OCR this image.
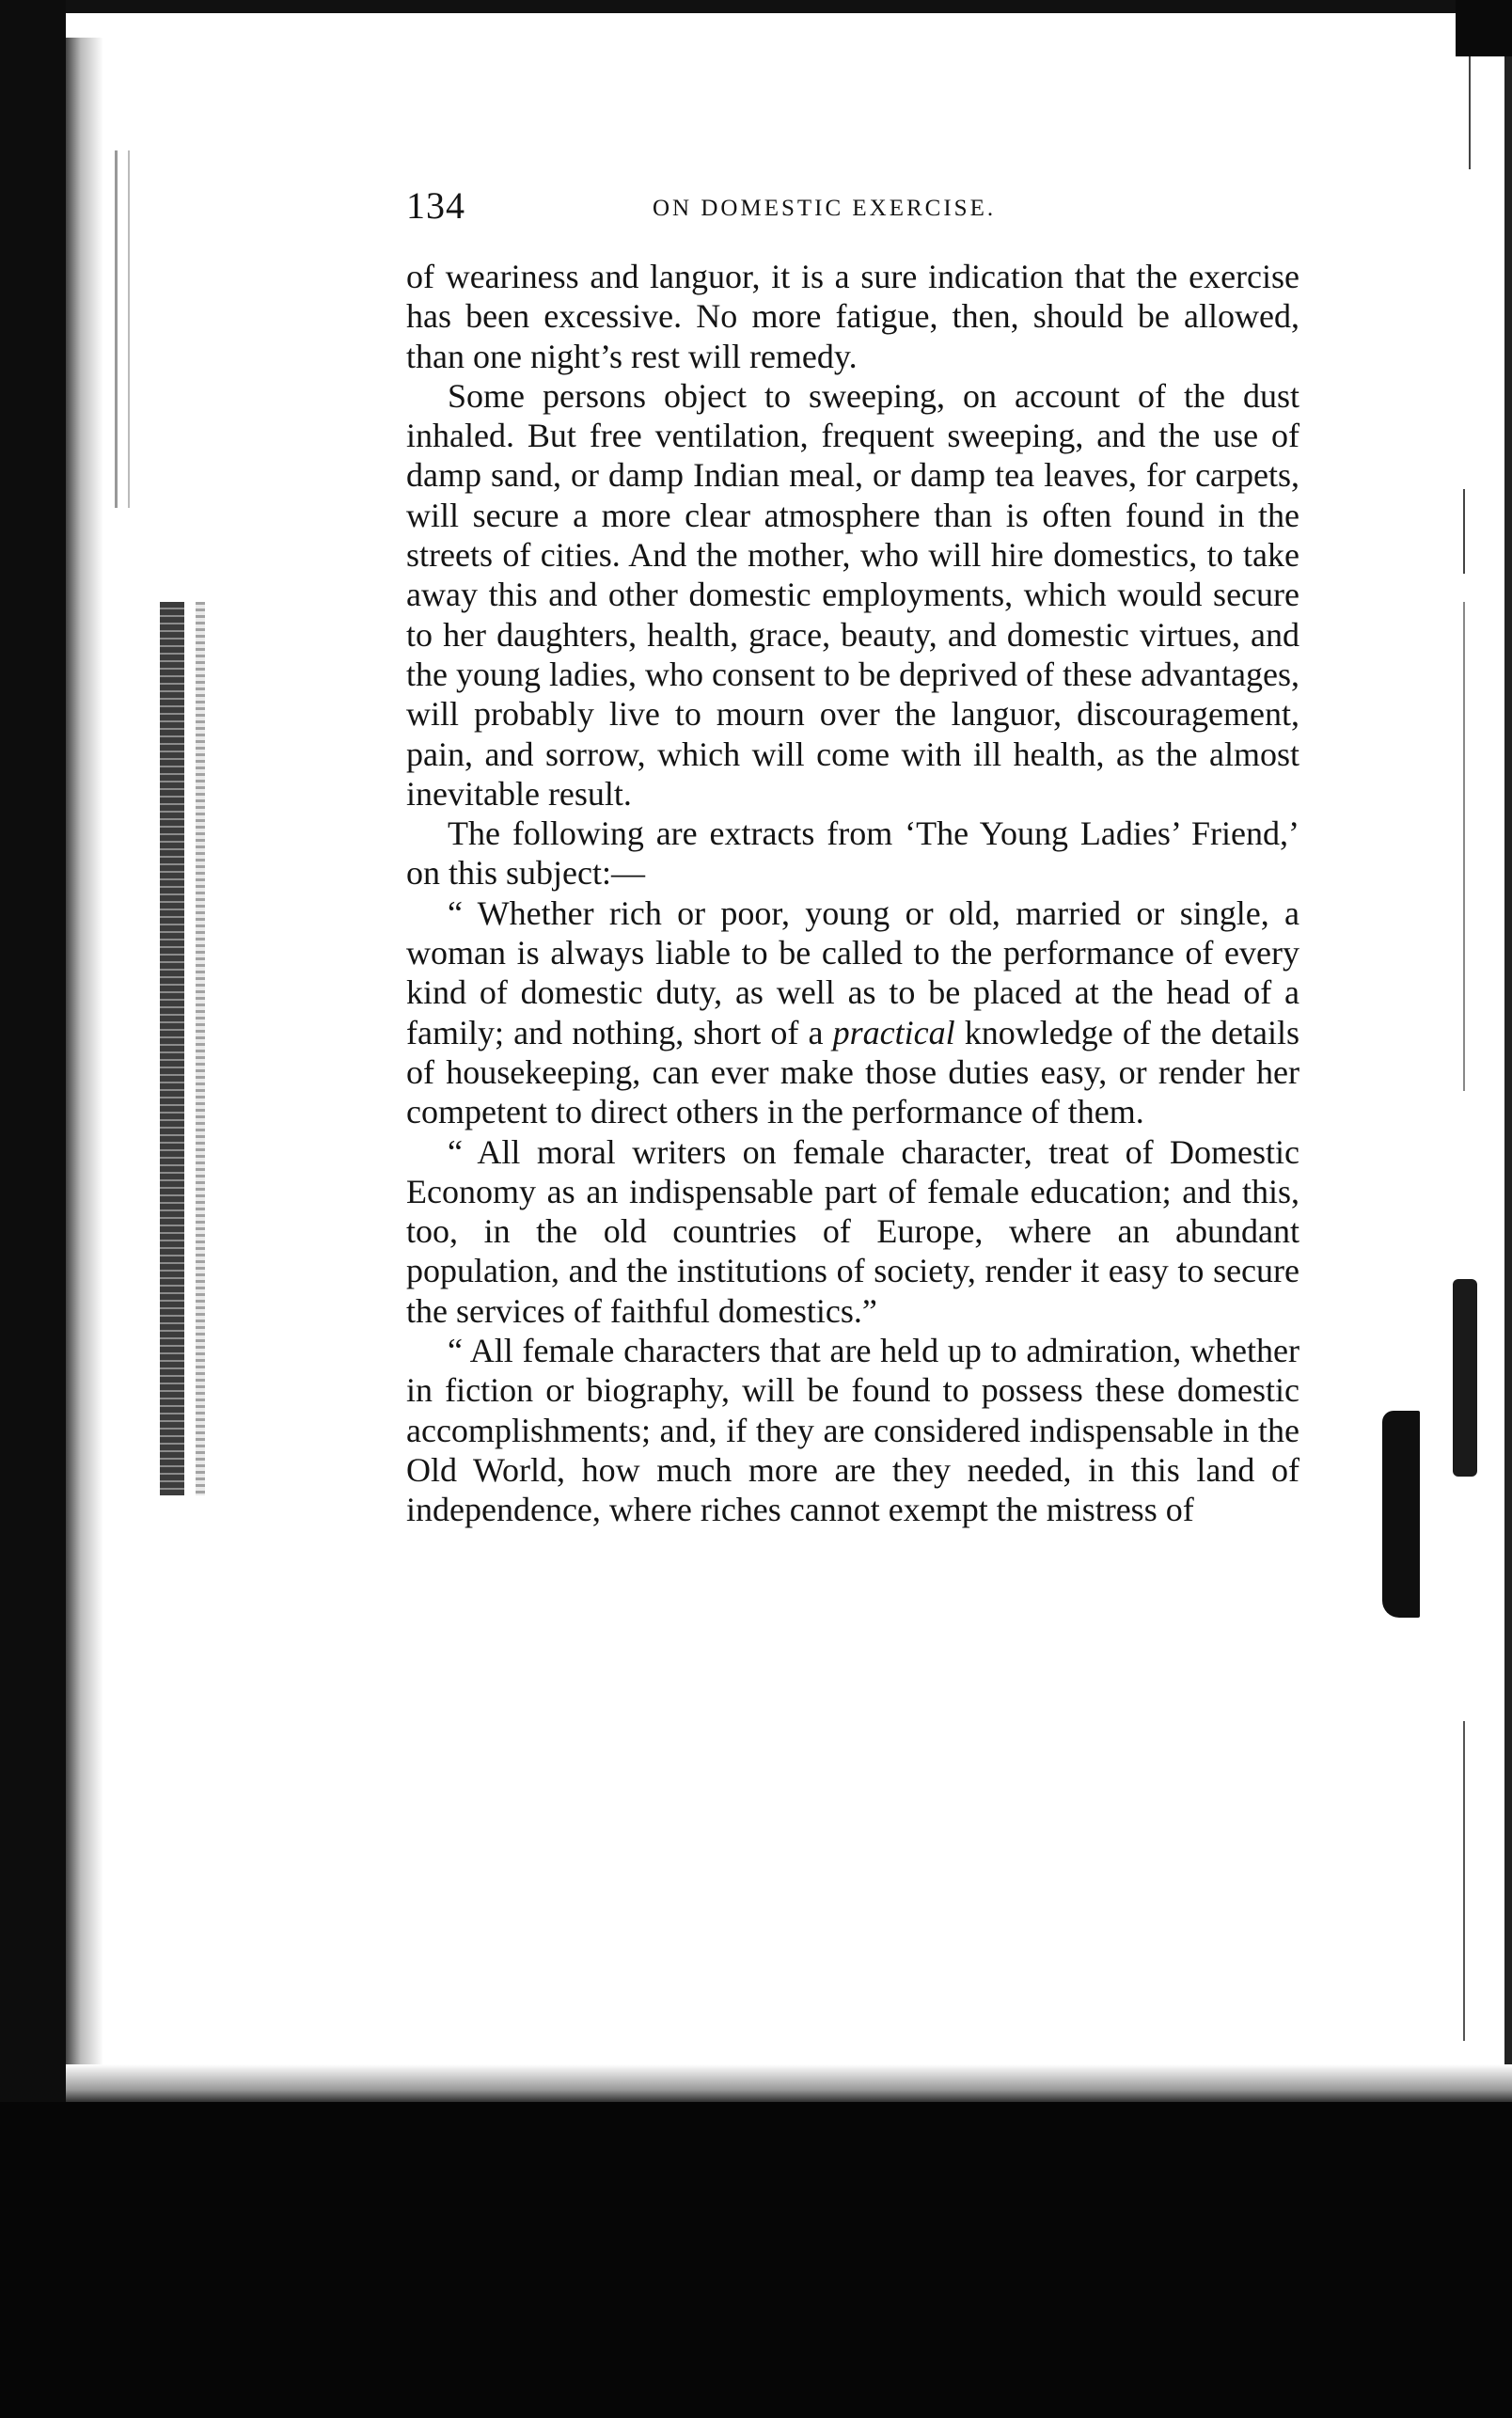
134	ON DOMESTIC EXERCISE.

of weariness and languor, it is a sure indication that the exercise has been excessive. No more fatigue, then, should be allowed, than one night’s rest will remedy.

Some persons object to sweeping, on account of the dust inhaled. But free ventilation, frequent sweeping, and the use of damp sand, or damp Indian meal, or damp tea leaves, for carpets, will secure a more clear atmosphere than is often found in the streets of cities. And the mother, who will hire domestics, to take away this and other domestic employments, which would secure to her daughters, health, grace, beauty, and domestic virtues, and the young ladies, who consent to be deprived of these advantages, will probably live to mourn over the languor, discouragement, pain, and sorrow, which will come with ill health, as the almost inevitable result.

The following are extracts from ‘The Young Ladies’ Friend,’ on this subject:—

“ Whether rich or poor, young or old, married or single, a woman is always liable to be called to the performance of every kind of domestic duty, as well as to be placed at the head of a family; and nothing, short of a practical knowledge of the details of housekeeping, can ever make those duties easy, or render her competent to direct others in the performance of them.

“ All moral writers on female character, treat of Domestic Economy as an indispensable part of female education; and this, too, in the old countries of Europe, where an abundant population, and the institutions of society, render it easy to secure the services of faithful domestics.”

“ All female characters that are held up to admiration, whether in fiction or biography, will be found to possess these domestic accomplishments; and, if they are considered indispensable in the Old World, how much more are they needed, in this land of independence, where riches cannot exempt the mistress of
